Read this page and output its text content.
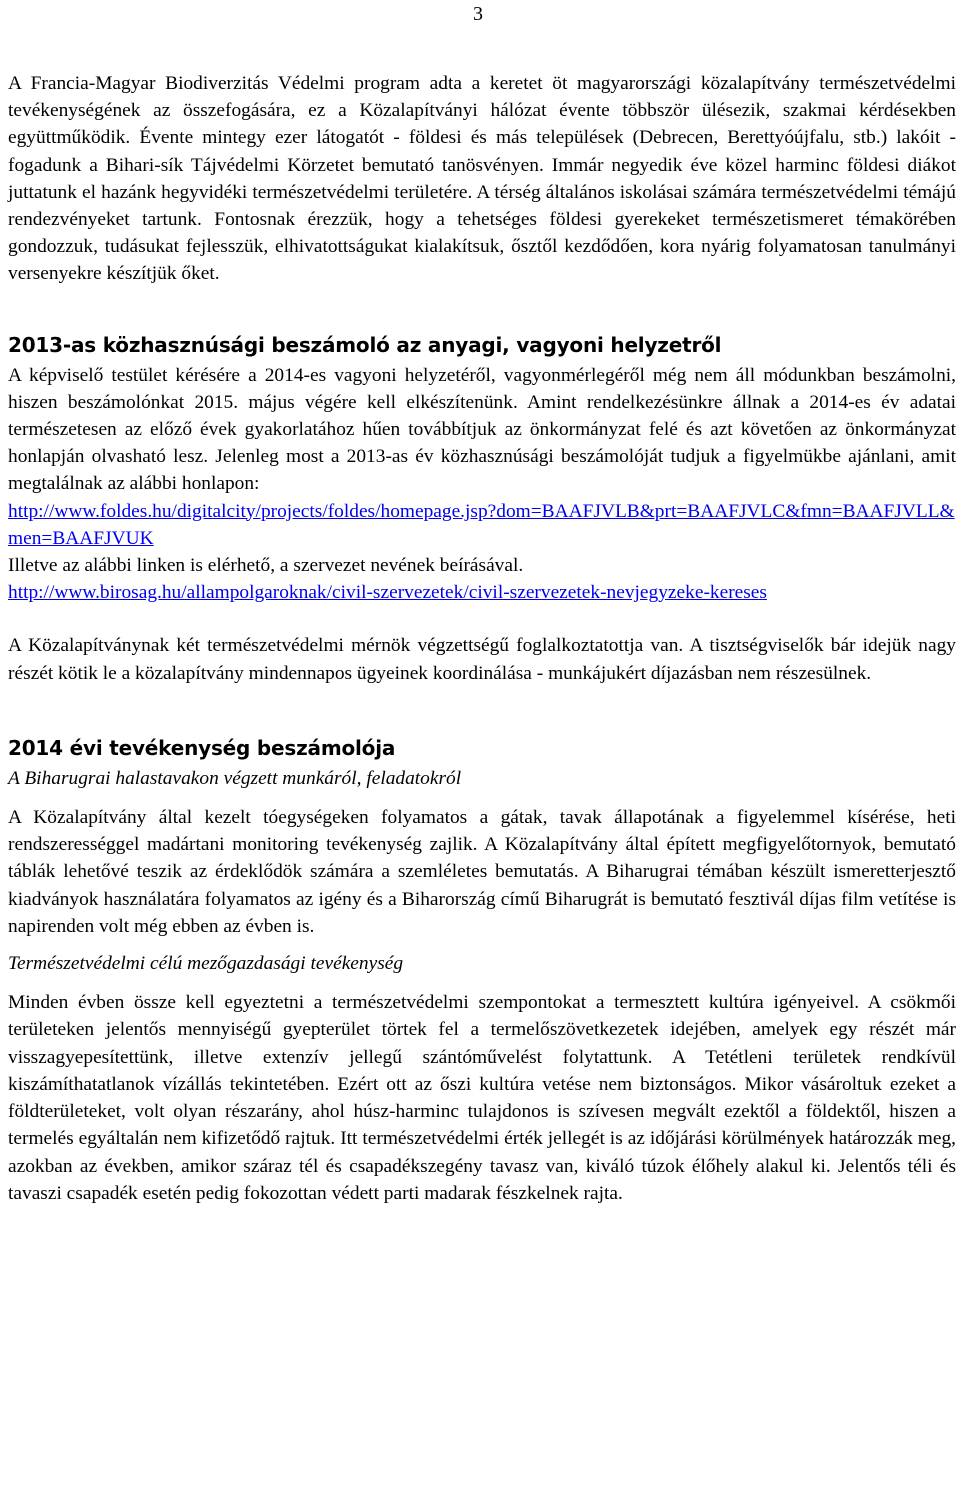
3

A Francia-Magyar Biodiverzitás Védelmi program adta a keretet öt magyarországi közalapítvány természetvédelmi tevékenységének az összefogására, ez a Közalapítványi hálózat évente többször ülésezik, szakmai kérdésekben együttműködik. Évente mintegy ezer látogatót - földesi és más települések (Debrecen, Berettyóújfalu, stb.) lakóit - fogadunk a Bihari-sík Tájvédelmi Körzetet bemutató tanösvényen. Immár negyedik éve közel harminc földesi diákot juttatunk el hazánk hegyvidéki természetvédelmi területére. A térség általános iskolásai számára természetvédelmi témájú rendezvényeket tartunk. Fontosnak érezzük, hogy a tehetséges földesi gyerekeket természetismeret témakörében gondozzuk, tudásukat fejlesszük, elhivatottságukat kialakítsuk, ősztől kezdődően, kora nyárig folyamatosan tanulmányi versenyekre készítjük őket.

2013-as közhasznúsági beszámoló az anyagi, vagyoni helyzetről

A képviselő testület kérésére a 2014-es vagyoni helyzetéről, vagyonmérlegéről még nem áll módunkban beszámolni, hiszen beszámolónkat 2015. május végére kell elkészítenünk. Amint rendelkezésünkre állnak a 2014-es év adatai természetesen az előző évek gyakorlatához hűen továbbítjuk az önkormányzat felé és azt követően az önkormányzat honlapján olvasható lesz. Jelenleg most a 2013-as év közhasznúsági beszámolóját tudjuk a figyelmükbe ajánlani, amit megtalálnak az alábbi honlapon:

http://www.foldes.hu/digitalcity/projects/foldes/homepage.jsp?dom=BAAFJVLB&prt=BAAFJVLC&fmn=BAAFJVLL&men=BAAFJVUK

Illetve az alábbi linken is elérhető, a szervezet nevének beírásával.

http://www.birosag.hu/allampolgaroknak/civil-szervezetek/civil-szervezetek-nevjegyzeke-kereses

A Közalapítványnak két természetvédelmi mérnök végzettségű foglalkoztatottja van. A tisztségviselők bár idejük nagy részét kötik le a közalapítvány mindennapos ügyeinek koordinálása - munkájukért díjazásban nem részesülnek.

2014 évi tevékenység beszámolója

A Biharugrai halastavakon végzett munkáról, feladatokról

A Közalapítvány által kezelt tóegységeken folyamatos a gátak, tavak állapotának a figyelemmel kísérése, heti rendszerességgel madártani monitoring tevékenység zajlik. A Közalapítvány által épített megfigyelőtornyok, bemutató táblák lehetővé teszik az érdeklődök számára a szemléletes bemutatás. A Biharugrai témában készült ismeretterjesztő kiadványok használatára folyamatos az igény és a Biharország című Biharugrát is bemutató fesztivál díjas film vetítése is napirenden volt még ebben az évben is.

Természetvédelmi célú mezőgazdasági tevékenység

Minden évben össze kell egyeztetni a természetvédelmi szempontokat a termesztett kultúra igényeivel. A csökmői területeken jelentős mennyiségű gyepterület törtek fel a termelőszövetkezetek idejében, amelyek egy részét már visszagyepesítettünk, illetve extenzív jellegű szántóművelést folytattunk. A Tetétleni területek rendkívül kiszámíthatatlanok vízállás tekintetében. Ezért ott az őszi kultúra vetése nem biztonságos. Mikor vásároltuk ezeket a földterületeket, volt olyan részarány, ahol húsz-harminc tulajdonos is szívesen megvált ezektől a földektől, hiszen a termelés egyáltalán nem kifizetődő rajtuk. Itt természetvédelmi érték jellegét is az időjárási körülmények határozzák meg, azokban az években, amikor száraz tél és csapadékszegény tavasz van, kiváló túzok élőhely alakul ki. Jelentős téli és tavaszi csapadék esetén pedig fokozottan védett parti madarak fészkelnek rajta.
